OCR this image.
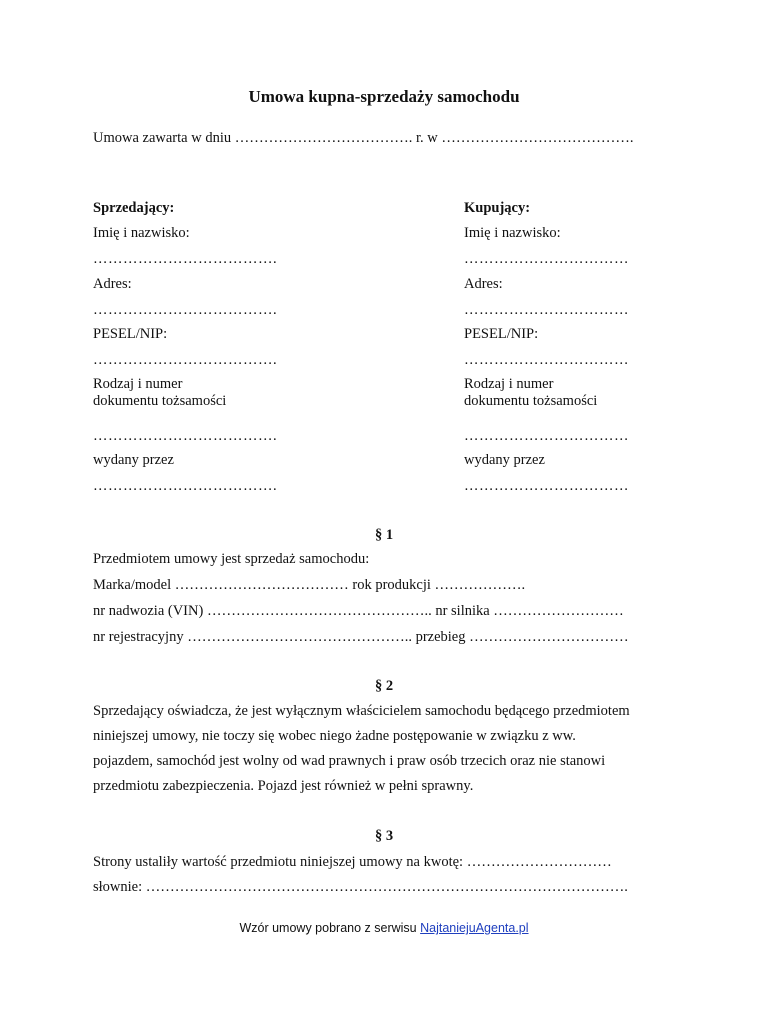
Umowa kupna-sprzedaży samochodu
Umowa zawarta w dniu ………………………………. r. w ………………………………….
Sprzedający:
Imię i nazwisko:
……………………………….
Adres:
……………………………….
PESEL/NIP:
……………………………….
Rodzaj i numer
dokumentu tożsamości
……………………………….
wydany przez
……………………………….
Kupujący:
Imię i nazwisko:
……………………………
Adres:
……………………………
PESEL/NIP:
……………………………
Rodzaj i numer
dokumentu tożsamości
……………………………
wydany przez
……………………………
§ 1
Przedmiotem umowy jest sprzedaż samochodu:
Marka/model ……………………………… rok produkcji ……………….
nr nadwozia (VIN) ……………………………………….. nr silnika ………………………
nr rejestracyjny ……………………………………….. przebieg ……………………………
§ 2
Sprzedający oświadcza, że jest wyłącznym właścicielem samochodu będącego przedmiotem
niniejszej umowy, nie toczy się wobec niego żadne postępowanie w związku z ww.
pojazdem, samochód jest wolny od wad prawnych i praw osób trzecich oraz nie stanowi
przedmiotu zabezpieczenia. Pojazd jest również w pełni sprawny.
§ 3
Strony ustaliły wartość przedmiotu niniejszej umowy na kwotę: …………………………
słownie: ……………………………………………………………………………………….
Wzór umowy pobrano z serwisu NajtaniejuAgenta.pl
